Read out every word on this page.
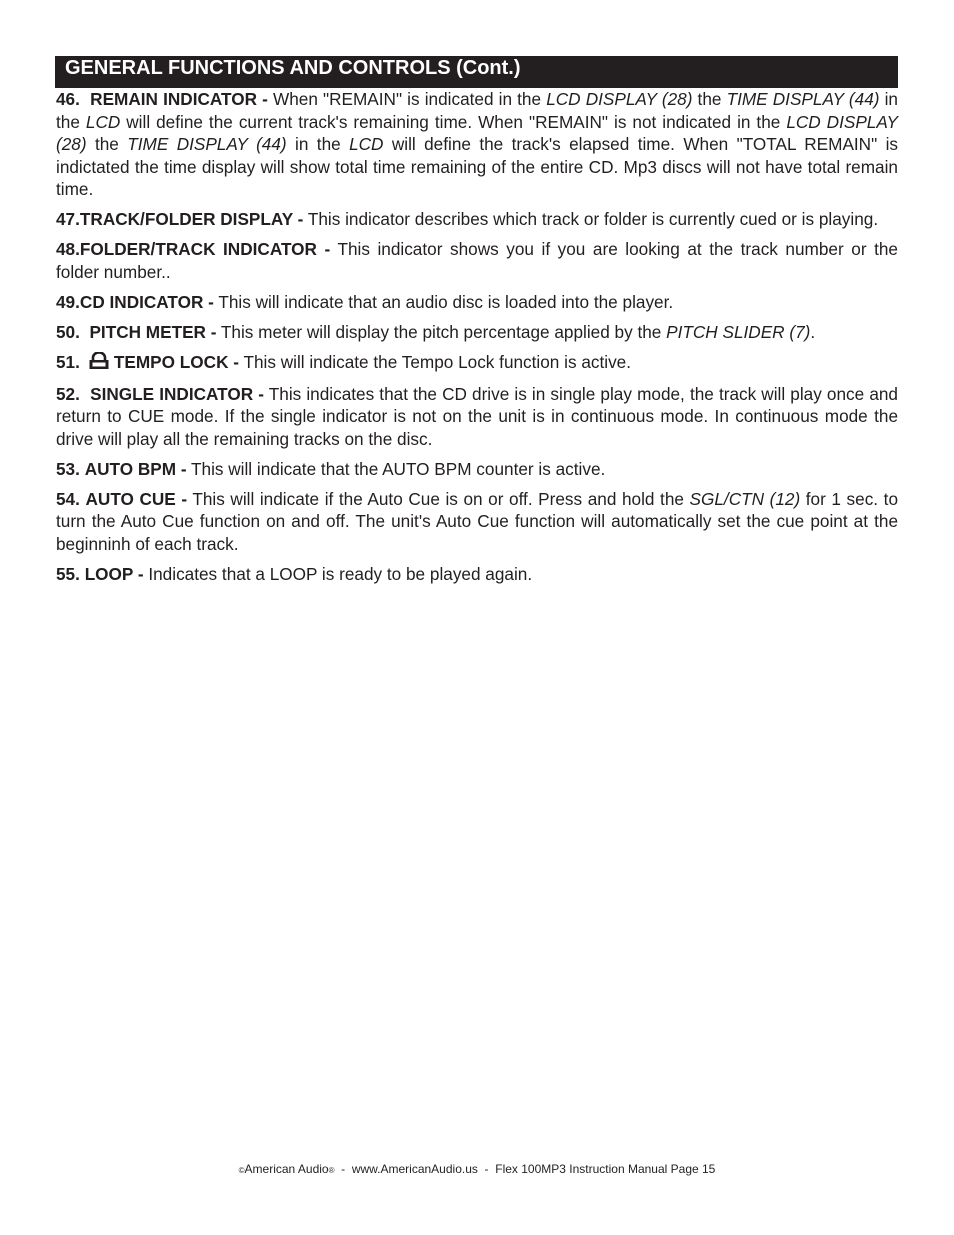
GENERAL FUNCTIONS AND CONTROLS (Cont.)

46. REMAIN INDICATOR - When "REMAIN" is indicated in the LCD DISPLAY (28) the TIME DISPLAY (44) in the LCD will define the current track's remaining time. When "REMAIN" is not indicated in the LCD DISPLAY (28) the TIME DISPLAY (44) in the LCD will define the track's elapsed time. When "TOTAL REMAIN" is indictated the time display will show total time remaining of the entire CD. Mp3 discs will not have total remain time.

47.TRACK/FOLDER DISPLAY - This indicator describes which track or folder is currently cued or is playing.

48.FOLDER/TRACK INDICATOR - This indicator shows you if you are looking at the track number or the folder number..

49.CD INDICATOR - This will indicate that an audio disc is loaded into the player.

50. PITCH METER - This meter will display the pitch percentage applied by the PITCH SLIDER (7).

51. TEMPO LOCK - This will indicate the Tempo Lock function is active.

52. SINGLE INDICATOR - This indicates that the CD drive is in single play mode, the track will play once and return to CUE mode. If the single indicator is not on the unit is in continuous mode. In continuous mode the drive will play all the remaining tracks on the disc.

53. AUTO BPM - This will indicate that the AUTO BPM counter is active.

54. AUTO CUE - This will indicate if the Auto Cue is on or off. Press and hold the SGL/CTN (12) for 1 sec. to turn the Auto Cue function on and off. The unit's Auto Cue function will automatically set the cue point at the beginninh of each track.

55. LOOP - Indicates that a LOOP is ready to be played again.

©American Audio®  -  www.AmericanAudio.us  -  Flex 100MP3 Instruction Manual Page 15
